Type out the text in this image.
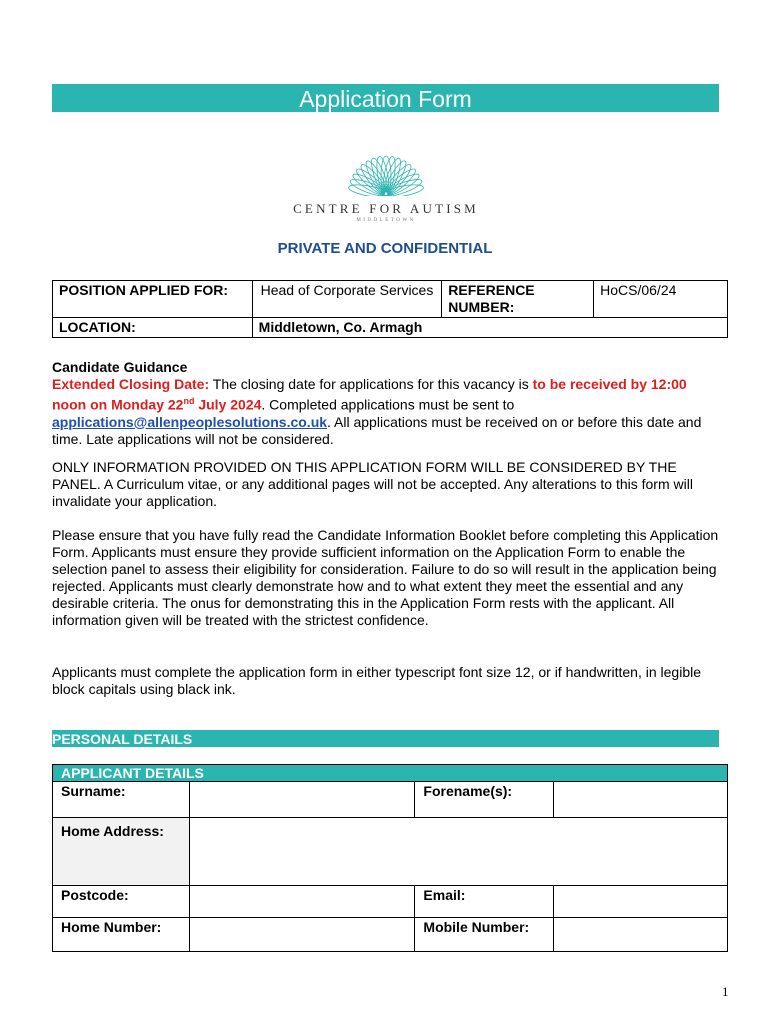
Application Form
CENTRE FOR AUTISM
MIDDLETOWN
PRIVATE AND CONFIDENTIAL
POSITION APPLIED FOR:	Head of Corporate Services	REFERENCE NUMBER:	HoCS/06/24
LOCATION:	Middletown, Co. Armagh		
Candidate Guidance
Extended Closing Date: The closing date for applications for this vacancy is to be received by 12:00 noon on Monday 22nd July 2024. Completed applications must be sent to applications@allenpeoplesolutions.co.uk. All applications must be received on or before this date and time. Late applications will not be considered.
ONLY INFORMATION PROVIDED ON THIS APPLICATION FORM WILL BE CONSIDERED BY THE PANEL. A Curriculum vitae, or any additional pages will not be accepted. Any alterations to this form will invalidate your application.
Please ensure that you have fully read the Candidate Information Booklet before completing this Application Form. Applicants must ensure they provide sufficient information on the Application Form to enable the selection panel to assess their eligibility for consideration. Failure to do so will result in the application being rejected. Applicants must clearly demonstrate how and to what extent they meet the essential and any desirable criteria. The onus for demonstrating this in the Application Form rests with the applicant. All information given will be treated with the strictest confidence.
Applicants must complete the application form in either typescript font size 12, or if handwritten, in legible block capitals using black ink.
PERSONAL DETAILS
APPLICANT DETAILS			
Surname:		Forename(s):	
Home Address:			
Postcode:		Email:	
Home Number:		Mobile Number:	
1
